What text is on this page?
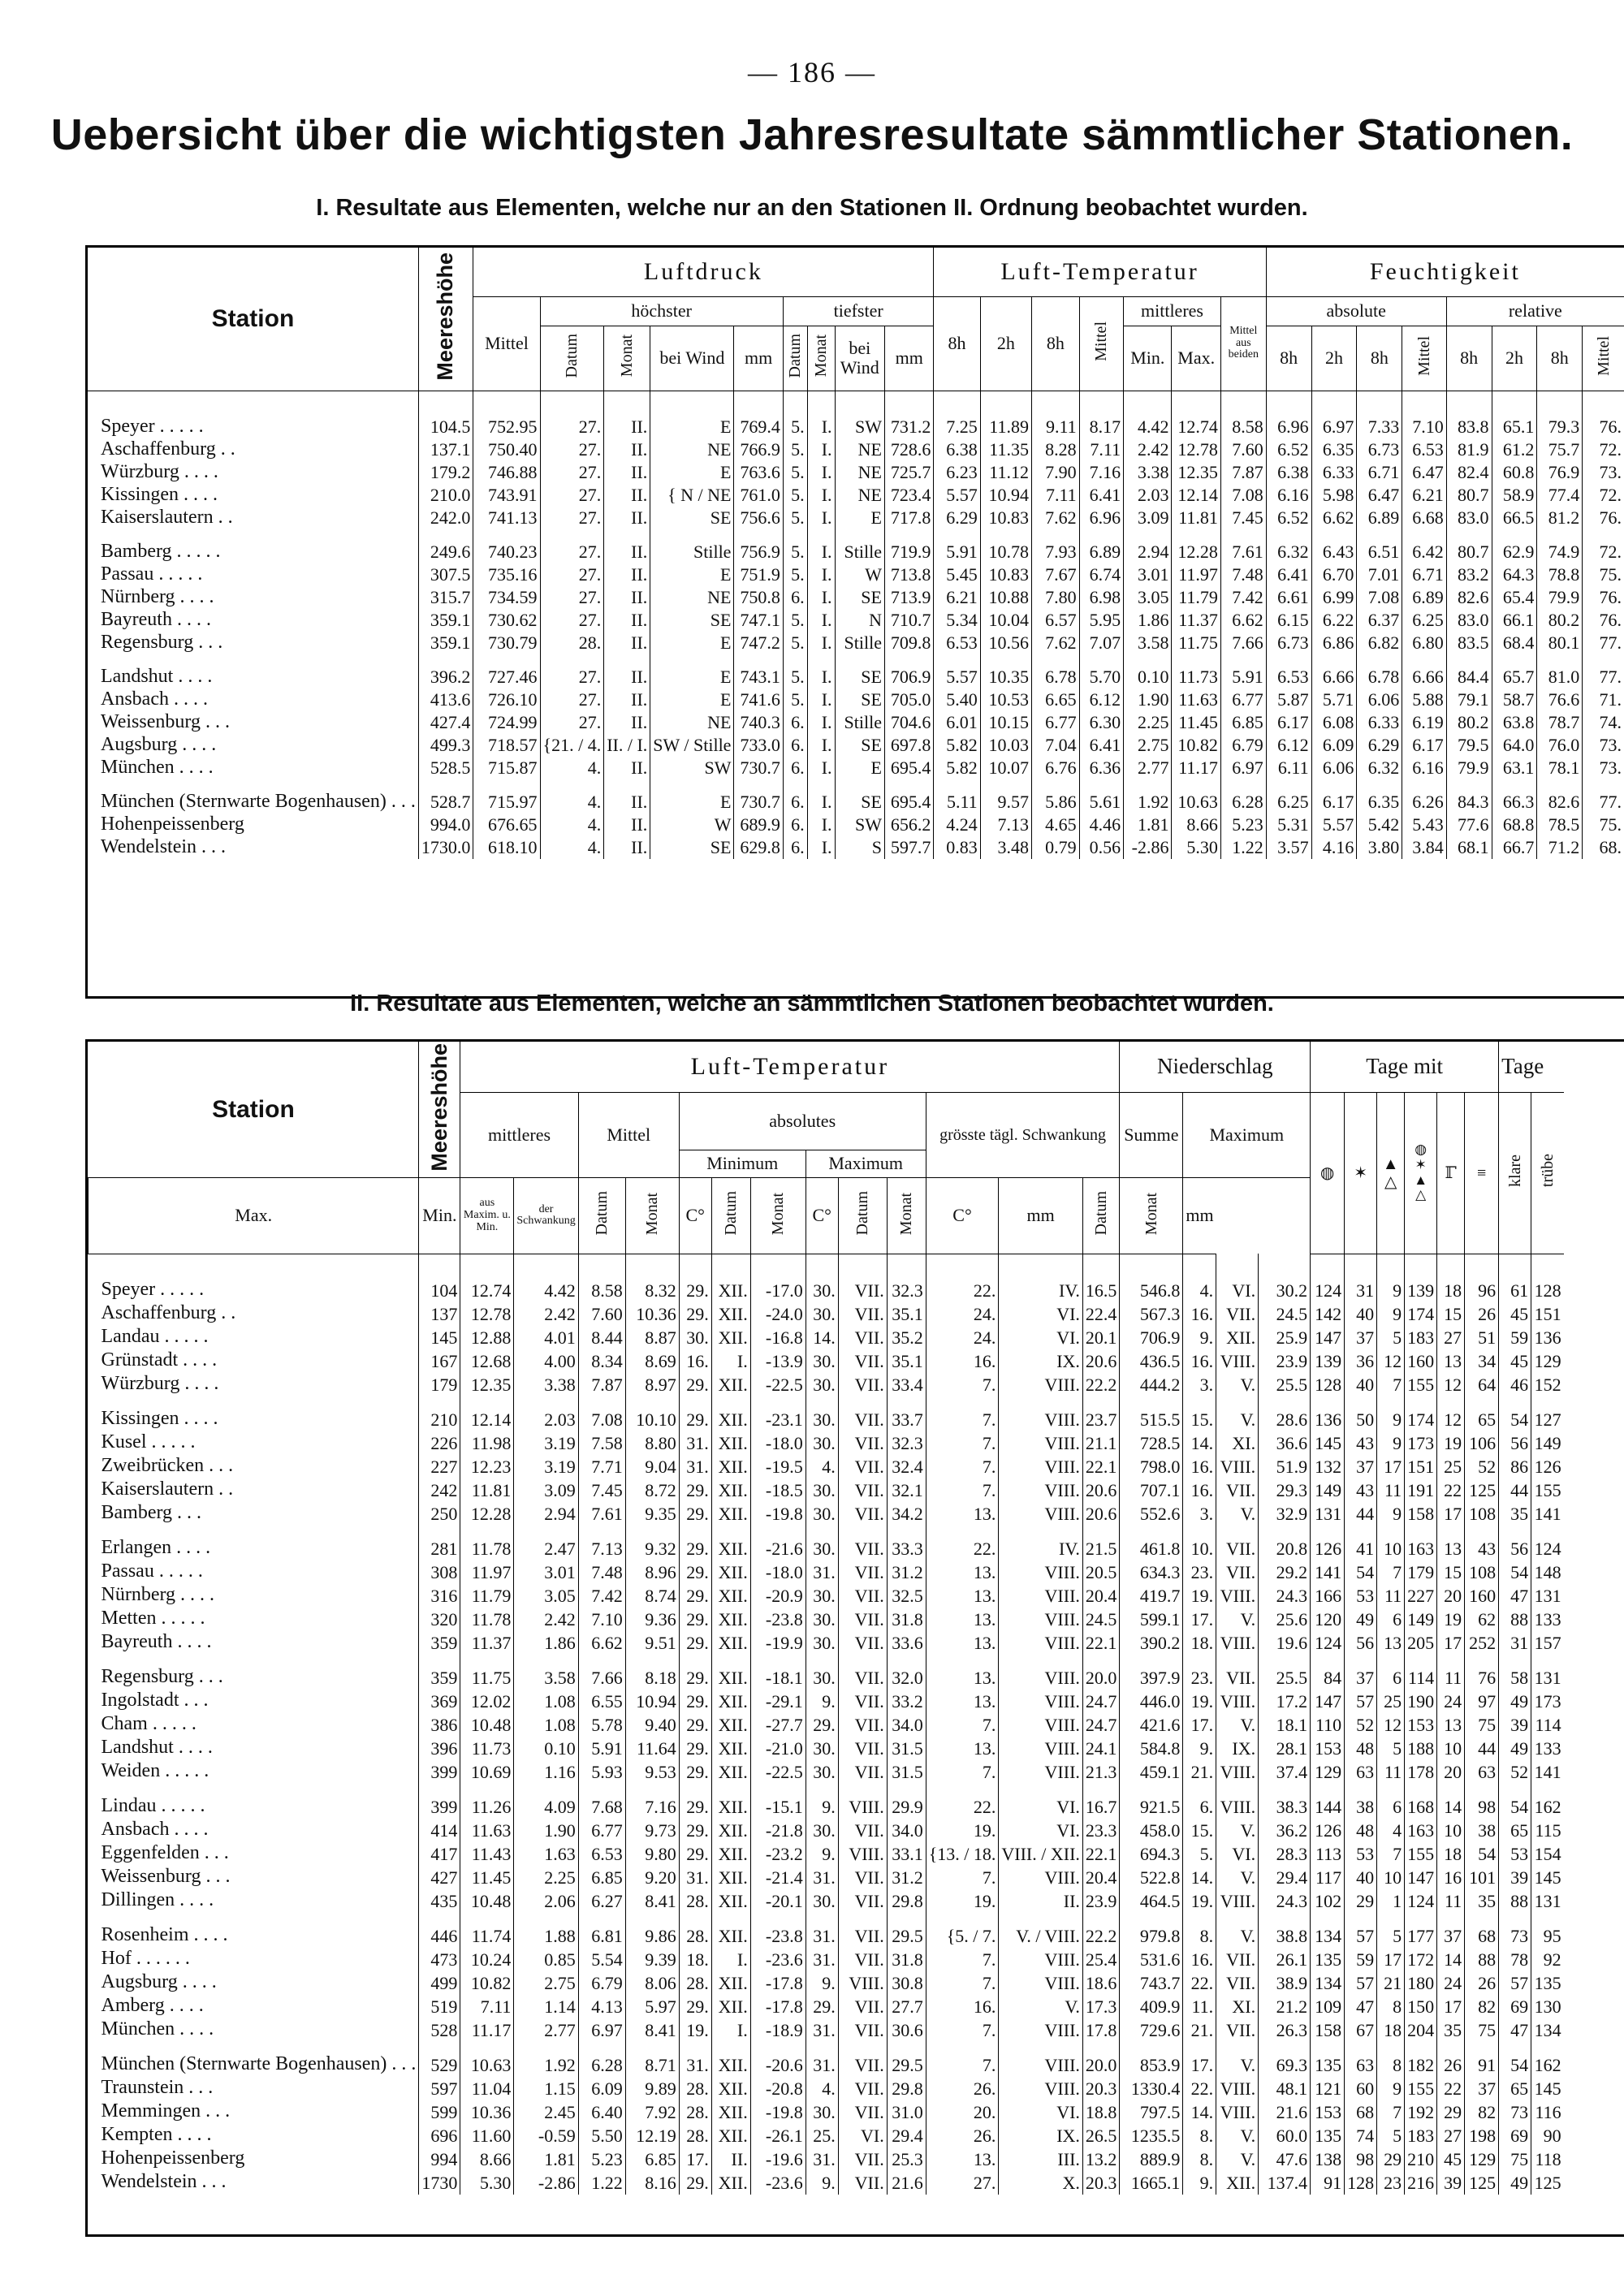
— 186 —
Uebersicht über die wichtigsten Jahresresultate sämmtlicher Stationen.
I. Resultate aus Elementen, welche nur an den Stationen II. Ordnung beobachtet wurden.
Station	Meereshöhe	Luftdruck									Luft-Temperatur							Feuchtigkeit							
		Mittel	höchster				tiefster				8h	2h	8h	Mittel	mittleres		Mittel aus beiden	absolute				relative			
			Datum	Monat	bei Wind	mm	Datum	Monat	bei Wind	mm					Min.	Max.		8h	2h	8h	Mittel	8h	2h	8h	Mittel

Speyer . . . . .	104.5	752.95	27.	II.	E	769.4	5.	I.	SW	731.2	7.25	11.89	9.11	8.17	4.42	12.74	8.58	6.96	6.97	7.33	7.10	83.8	65.1	79.3	76.
Aschaffenburg . .	137.1	750.40	27.	II.	NE	766.9	5.	I.	NE	728.6	6.38	11.35	8.28	7.11	2.42	12.78	7.60	6.52	6.35	6.73	6.53	81.9	61.2	75.7	72.
Würzburg . . . .	179.2	746.88	27.	II.	E	763.6	5.	I.	NE	725.7	6.23	11.12	7.90	7.16	3.38	12.35	7.87	6.38	6.33	6.71	6.47	82.4	60.8	76.9	73.
Kissingen . . . .	210.0	743.91	27.	II.	{ N / NE	761.0	5.	I.	NE	723.4	5.57	10.94	7.11	6.41	2.03	12.14	7.08	6.16	5.98	6.47	6.21	80.7	58.9	77.4	72.
Kaiserslautern . .	242.0	741.13	27.	II.	SE	756.6	5.	I.	E	717.8	6.29	10.83	7.62	6.96	3.09	11.81	7.45	6.52	6.62	6.89	6.68	83.0	66.5	81.2	76.

Bamberg . . . . .	249.6	740.23	27.	II.	Stille	756.9	5.	I.	Stille	719.9	5.91	10.78	7.93	6.89	2.94	12.28	7.61	6.32	6.43	6.51	6.42	80.7	62.9	74.9	72.
Passau . . . . .	307.5	735.16	27.	II.	E	751.9	5.	I.	W	713.8	5.45	10.83	7.67	6.74	3.01	11.97	7.48	6.41	6.70	7.01	6.71	83.2	64.3	78.8	75.
Nürnberg . . . .	315.7	734.59	27.	II.	NE	750.8	6.	I.	SE	713.9	6.21	10.88	7.80	6.98	3.05	11.79	7.42	6.61	6.99	7.08	6.89	82.6	65.4	79.9	76.
Bayreuth . . . .	359.1	730.62	27.	II.	SE	747.1	5.	I.	N	710.7	5.34	10.04	6.57	5.95	1.86	11.37	6.62	6.15	6.22	6.37	6.25	83.0	66.1	80.2	76.
Regensburg . . .	359.1	730.79	28.	II.	E	747.2	5.	I.	Stille	709.8	6.53	10.56	7.62	7.07	3.58	11.75	7.66	6.73	6.86	6.82	6.80	83.5	68.4	80.1	77.

Landshut . . . .	396.2	727.46	27.	II.	E	743.1	5.	I.	SE	706.9	5.57	10.35	6.78	5.70	0.10	11.73	5.91	6.53	6.66	6.78	6.66	84.4	65.7	81.0	77.
Ansbach . . . .	413.6	726.10	27.	II.	E	741.6	5.	I.	SE	705.0	5.40	10.53	6.65	6.12	1.90	11.63	6.77	5.87	5.71	6.06	5.88	79.1	58.7	76.6	71.
Weissenburg . . .	427.4	724.99	27.	II.	NE	740.3	6.	I.	Stille	704.6	6.01	10.15	6.77	6.30	2.25	11.45	6.85	6.17	6.08	6.33	6.19	80.2	63.8	78.7	74.
Augsburg . . . .	499.3	718.57	{21. / 4.	II. / I.	SW / Stille	733.0	6.	I.	SE	697.8	5.82	10.03	7.04	6.41	2.75	10.82	6.79	6.12	6.09	6.29	6.17	79.5	64.0	76.0	73.
München . . . .	528.5	715.87	4.	II.	SW	730.7	6.	I.	E	695.4	5.82	10.07	6.76	6.36	2.77	11.17	6.97	6.11	6.06	6.32	6.16	79.9	63.1	78.1	73.

München (Sternwarte Bogenhausen) . . .	528.7	715.97	4.	II.	E	730.7	6.	I.	SE	695.4	5.11	9.57	5.86	5.61	1.92	10.63	6.28	6.25	6.17	6.35	6.26	84.3	66.3	82.6	77.
Hohenpeissenberg	994.0	676.65	4.	II.	W	689.9	6.	I.	SW	656.2	4.24	7.13	4.65	4.46	1.81	8.66	5.23	5.31	5.57	5.42	5.43	77.6	68.8	78.5	75.
Wendelstein . . .	1730.0	618.10	4.	II.	SE	629.8	6.	I.	S	597.7	0.83	3.48	0.79	0.56	-2.86	5.30	1.22	3.57	4.16	3.80	3.84	68.1	66.7	71.2	68.
II. Resultate aus Elementen, welche an sämmtlichen Stationen beobachtet wurden.
Station	Meereshöhe	Luft-Temperatur													Niederschlag				Tage mit						Tage	
		mittleres		Mittel		absolutes						grösste tägl. Schwankung			Summe	Maximum			◍	✶	▲ △	◍ ✶ ▲ △	ℾ	≡	klare	trübe
						Minimum			Maximum																	
Max.	Min.	aus Maxim. u. Min.	der Schwankung	Datum	Monat	C°	Datum	Monat	C°	Datum	Monat	C°	mm	Datum	Monat	mm										

Speyer . . . . .	104	12.74	4.42	8.58	8.32	29.	XII.	-17.0	30.	VII.	32.3	22.	IV.	16.5	546.8	4.	VI.	30.2	124	31	9	139	18	96	61	128
Aschaffenburg . .	137	12.78	2.42	7.60	10.36	29.	XII.	-24.0	30.	VII.	35.1	24.	VI.	22.4	567.3	16.	VII.	24.5	142	40	9	174	15	26	45	151
Landau . . . . .	145	12.88	4.01	8.44	8.87	30.	XII.	-16.8	14.	VII.	35.2	24.	VI.	20.1	706.9	9.	XII.	25.9	147	37	5	183	27	51	59	136
Grünstadt . . . .	167	12.68	4.00	8.34	8.69	16.	I.	-13.9	30.	VII.	35.1	16.	IX.	20.6	436.5	16.	VIII.	23.9	139	36	12	160	13	34	45	129
Würzburg . . . .	179	12.35	3.38	7.87	8.97	29.	XII.	-22.5	30.	VII.	33.4	7.	VIII.	22.2	444.2	3.	V.	25.5	128	40	7	155	12	64	46	152

Kissingen . . . .	210	12.14	2.03	7.08	10.10	29.	XII.	-23.1	30.	VII.	33.7	7.	VIII.	23.7	515.5	15.	V.	28.6	136	50	9	174	12	65	54	127
Kusel . . . . .	226	11.98	3.19	7.58	8.80	31.	XII.	-18.0	30.	VII.	32.3	7.	VIII.	21.1	728.5	14.	XI.	36.6	145	43	9	173	19	106	56	149
Zweibrücken . . .	227	12.23	3.19	7.71	9.04	31.	XII.	-19.5	4.	VII.	32.4	7.	VIII.	22.1	798.0	16.	VIII.	51.9	132	37	17	151	25	52	86	126
Kaiserslautern . .	242	11.81	3.09	7.45	8.72	29.	XII.	-18.5	30.	VII.	32.1	7.	VIII.	20.6	707.1	16.	VII.	29.3	149	43	11	191	22	125	44	155
Bamberg . . .	250	12.28	2.94	7.61	9.35	29.	XII.	-19.8	30.	VII.	34.2	13.	VIII.	20.6	552.6	3.	V.	32.9	131	44	9	158	17	108	35	141

Erlangen . . . .	281	11.78	2.47	7.13	9.32	29.	XII.	-21.6	30.	VII.	33.3	22.	IV.	21.5	461.8	10.	VII.	20.8	126	41	10	163	13	43	56	124
Passau . . . . .	308	11.97	3.01	7.48	8.96	29.	XII.	-18.0	31.	VII.	31.2	13.	VIII.	20.5	634.3	23.	VII.	29.2	141	54	7	179	15	108	54	148
Nürnberg . . . .	316	11.79	3.05	7.42	8.74	29.	XII.	-20.9	30.	VII.	32.5	13.	VIII.	20.4	419.7	19.	VIII.	24.3	166	53	11	227	20	160	47	131
Metten . . . . .	320	11.78	2.42	7.10	9.36	29.	XII.	-23.8	30.	VII.	31.8	13.	VIII.	24.5	599.1	17.	V.	25.6	120	49	6	149	19	62	88	133
Bayreuth . . . .	359	11.37	1.86	6.62	9.51	29.	XII.	-19.9	30.	VII.	33.6	13.	VIII.	22.1	390.2	18.	VIII.	19.6	124	56	13	205	17	252	31	157

Regensburg . . .	359	11.75	3.58	7.66	8.18	29.	XII.	-18.1	30.	VII.	32.0	13.	VIII.	20.0	397.9	23.	VII.	25.5	84	37	6	114	11	76	58	131
Ingolstadt . . .	369	12.02	1.08	6.55	10.94	29.	XII.	-29.1	9.	VII.	33.2	13.	VIII.	24.7	446.0	19.	VIII.	17.2	147	57	25	190	24	97	49	173
Cham . . . . .	386	10.48	1.08	5.78	9.40	29.	XII.	-27.7	29.	VII.	34.0	7.	VIII.	24.7	421.6	17.	V.	18.1	110	52	12	153	13	75	39	114
Landshut . . . .	396	11.73	0.10	5.91	11.64	29.	XII.	-21.0	30.	VII.	31.5	13.	VIII.	24.1	584.8	9.	IX.	28.1	153	48	5	188	10	44	49	133
Weiden . . . . .	399	10.69	1.16	5.93	9.53	29.	XII.	-22.5	30.	VII.	31.5	7.	VIII.	21.3	459.1	21.	VIII.	37.4	129	63	11	178	20	63	52	141

Lindau . . . . .	399	11.26	4.09	7.68	7.16	29.	XII.	-15.1	9.	VIII.	29.9	22.	VI.	16.7	921.5	6.	VIII.	38.3	144	38	6	168	14	98	54	162
Ansbach . . . .	414	11.63	1.90	6.77	9.73	29.	XII.	-21.8	30.	VII.	34.0	19.	VI.	23.3	458.0	15.	V.	36.2	126	48	4	163	10	38	65	115
Eggenfelden . . .	417	11.43	1.63	6.53	9.80	29.	XII.	-23.2	9.	VIII.	33.1	{13. / 18.	VIII. / XII.	22.1	694.3	5.	VI.	28.3	113	53	7	155	18	54	53	154
Weissenburg . . .	427	11.45	2.25	6.85	9.20	31.	XII.	-21.4	31.	VII.	31.2	7.	VIII.	20.4	522.8	14.	V.	29.4	117	40	10	147	16	101	39	145
Dillingen . . . .	435	10.48	2.06	6.27	8.41	28.	XII.	-20.1	30.	VII.	29.8	19.	II.	23.9	464.5	19.	VIII.	24.3	102	29	1	124	11	35	88	131

Rosenheim . . . .	446	11.74	1.88	6.81	9.86	28.	XII.	-23.8	31.	VII.	29.5	{5. / 7.	V. / VIII.	22.2	979.8	8.	V.	38.8	134	57	5	177	37	68	73	95
Hof . . . . . .	473	10.24	0.85	5.54	9.39	18.	I.	-23.6	31.	VII.	31.8	7.	VIII.	25.4	531.6	16.	VII.	26.1	135	59	17	172	14	88	78	92
Augsburg . . . .	499	10.82	2.75	6.79	8.06	28.	XII.	-17.8	9.	VIII.	30.8	7.	VIII.	18.6	743.7	22.	VII.	38.9	134	57	21	180	24	26	57	135
Amberg . . . .	519	7.11	1.14	4.13	5.97	29.	XII.	-17.8	29.	VII.	27.7	16.	V.	17.3	409.9	11.	XI.	21.2	109	47	8	150	17	82	69	130
München . . . .	528	11.17	2.77	6.97	8.41	19.	I.	-18.9	31.	VII.	30.6	7.	VIII.	17.8	729.6	21.	VII.	26.3	158	67	18	204	35	75	47	134

München (Sternwarte Bogenhausen) . . .	529	10.63	1.92	6.28	8.71	31.	XII.	-20.6	31.	VII.	29.5	7.	VIII.	20.0	853.9	17.	V.	69.3	135	63	8	182	26	91	54	162
Traunstein . . .	597	11.04	1.15	6.09	9.89	28.	XII.	-20.8	4.	VII.	29.8	26.	VIII.	20.3	1330.4	22.	VIII.	48.1	121	60	9	155	22	37	65	145
Memmingen . . .	599	10.36	2.45	6.40	7.92	28.	XII.	-19.8	30.	VII.	31.0	20.	VI.	18.8	797.5	14.	VIII.	21.6	153	68	7	192	29	82	73	116
Kempten . . . .	696	11.60	-0.59	5.50	12.19	28.	XII.	-26.1	25.	VI.	29.4	26.	IX.	26.5	1235.5	8.	V.	60.0	135	74	5	183	27	198	69	90
Hohenpeissenberg	994	8.66	1.81	5.23	6.85	17.	II.	-19.6	31.	VII.	25.3	13.	III.	13.2	889.9	8.	V.	47.6	138	98	29	210	45	129	75	118
Wendelstein . . .	1730	5.30	-2.86	1.22	8.16	29.	XII.	-23.6	9.	VII.	21.6	27.	X.	20.3	1665.1	9.	XII.	137.4	91	128	23	216	39	125	49	125
